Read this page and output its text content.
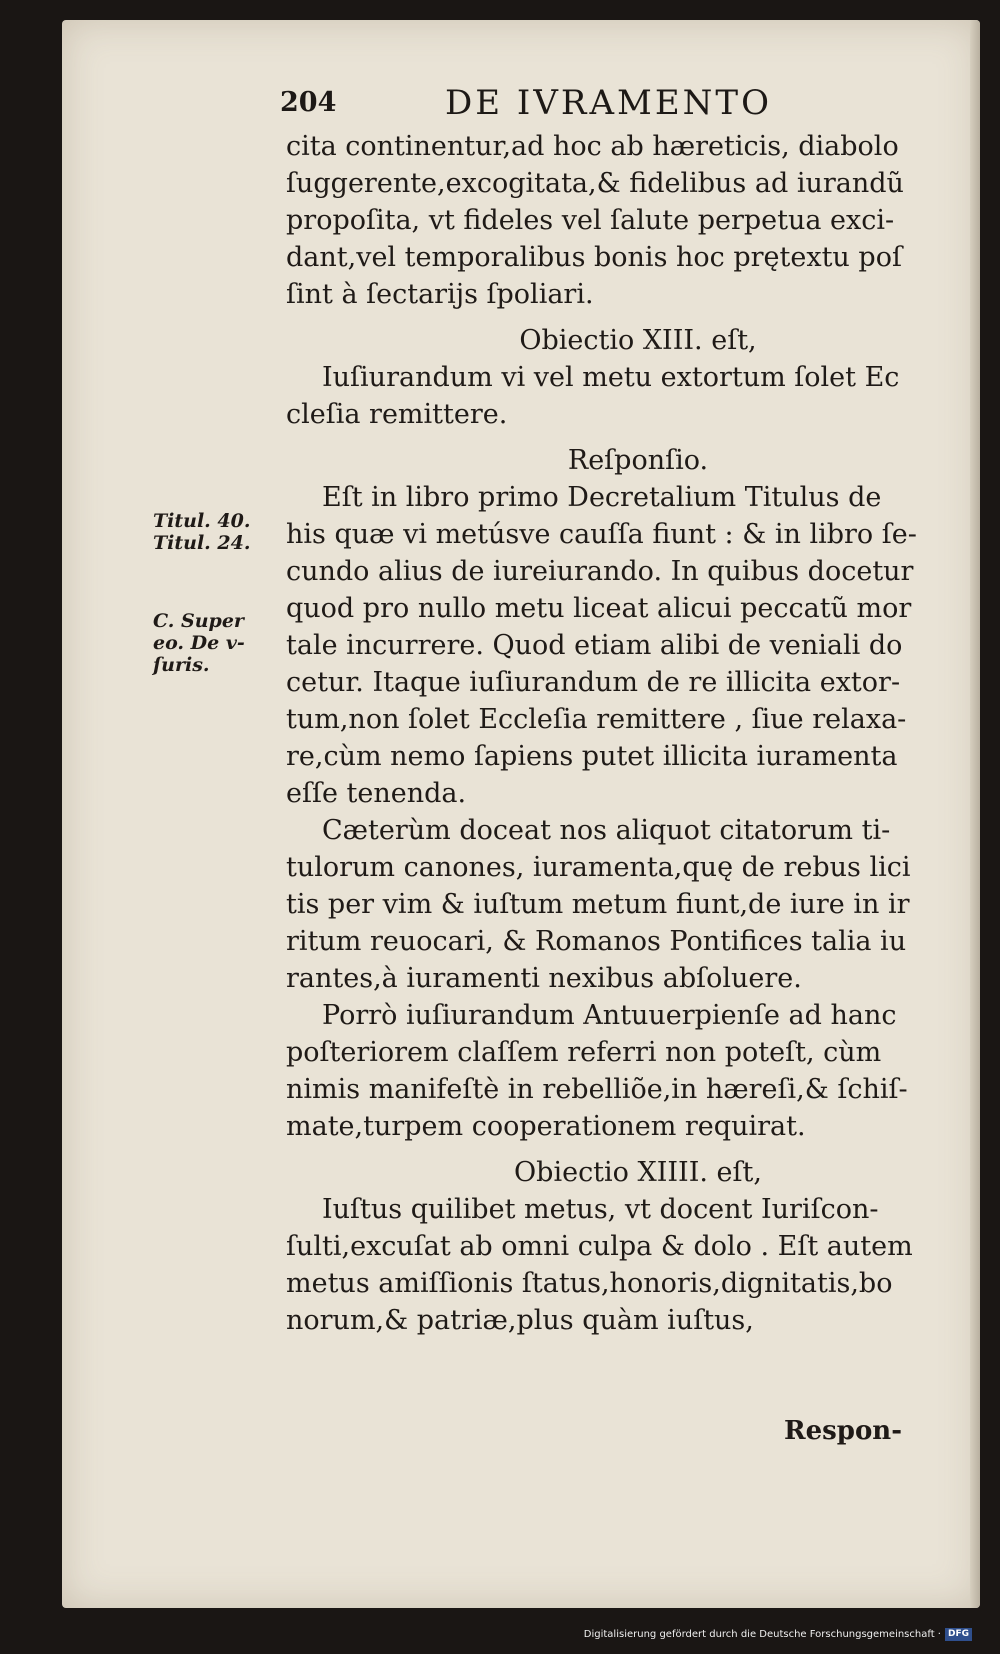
204	DE IVRAMENTO
Titul. 40.
Titul. 24.
C. Super
eo. De v-
ſuris.
cita continentur,ad hoc ab hæreticis, diabolo
ſuggerente,excogitata,& fidelibus ad iurandũ
propoſita, vt fideles vel ſalute perpetua exci-
dant,vel temporalibus bonis hoc prętextu poſ
ſint à ſectarijs ſpoliari.
Obiectio XIII. eſt,
Iuſiurandum vi vel metu extortum ſolet Ec
cleſia remittere.
Reſponſio.
Eſt in libro primo Decretalium Titulus de
his quæ vi metúsve cauſſa fiunt : & in libro ſe-
cundo alius de iureiurando. In quibus docetur
quod pro nullo metu liceat alicui peccatũ mor
tale incurrere. Quod etiam alibi de veniali do
cetur. Itaque iuſiurandum de re illicita extor-
tum,non ſolet Eccleſia remittere , ſiue relaxa-
re,cùm nemo ſapiens putet illicita iuramenta
eſſe tenenda.
Cæterùm doceat nos aliquot citatorum ti-
tulorum canones, iuramenta,quę de rebus lici
tis per vim & iuſtum metum fiunt,de iure in ir
ritum reuocari, & Romanos Pontifices talia iu
rantes,à iuramenti nexibus abſoluere.
Porrò iuſiurandum Antuuerpienſe ad hanc
poſteriorem claſſem referri non poteſt, cùm
nimis manifeſtè in rebelliõe,in hæreſi,& ſchiſ-
mate,turpem cooperationem requirat.
Obiectio XIIII. eſt,
Iuſtus quilibet metus, vt docent Iuriſcon-
ſulti,excuſat ab omni culpa & dolo . Eſt autem
metus amiſſionis ſtatus,honoris,dignitatis,bo
norum,& patriæ,plus quàm iuſtus,
Respon-
Digitalisierung gefördert durch die Deutsche Forschungsgemeinschaft · DFG
